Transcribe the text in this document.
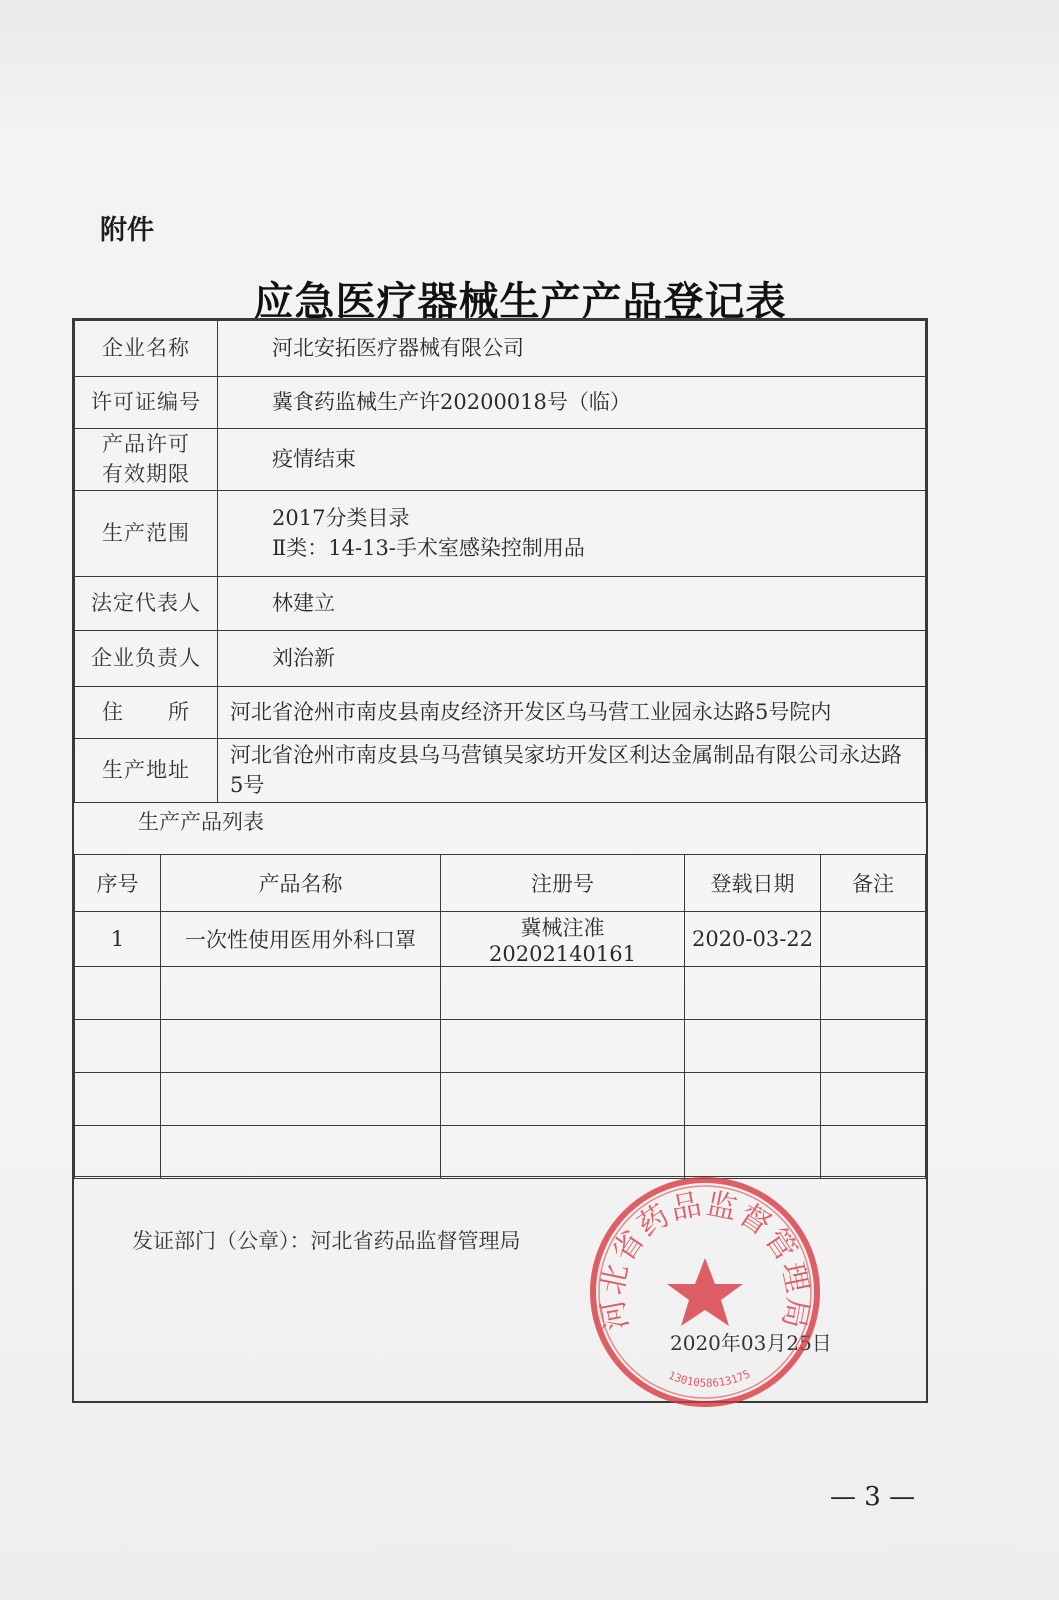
附件
应急医疗器械生产产品登记表
企业名称	河北安拓医疗器械有限公司
许可证编号	冀食药监械生产许20200018号（临）

产品许可
有效期限	疫情结束
生产范围	2017分类目录
Ⅱ类：14-13-手术室感染控制用品

法定代表人	林建立
企业负责人	刘治新
住　　所	河北省沧州市南皮县南皮经济开发区乌马营工业园永达路5号院内
生产地址	河北省沧州市南皮县乌马营镇吴家坊开发区利达金属制品有限公司永达路5号
生产产品列表
序号	产品名称	注册号	登载日期	备注
1	一次性使用医用外科口罩	冀械注准 20202140161	2020-03-22	

发证部门（公章）：河北省药品监督管理局
2020年03月25日
河北省药品监督管理局
1301058613175
— 3 —
